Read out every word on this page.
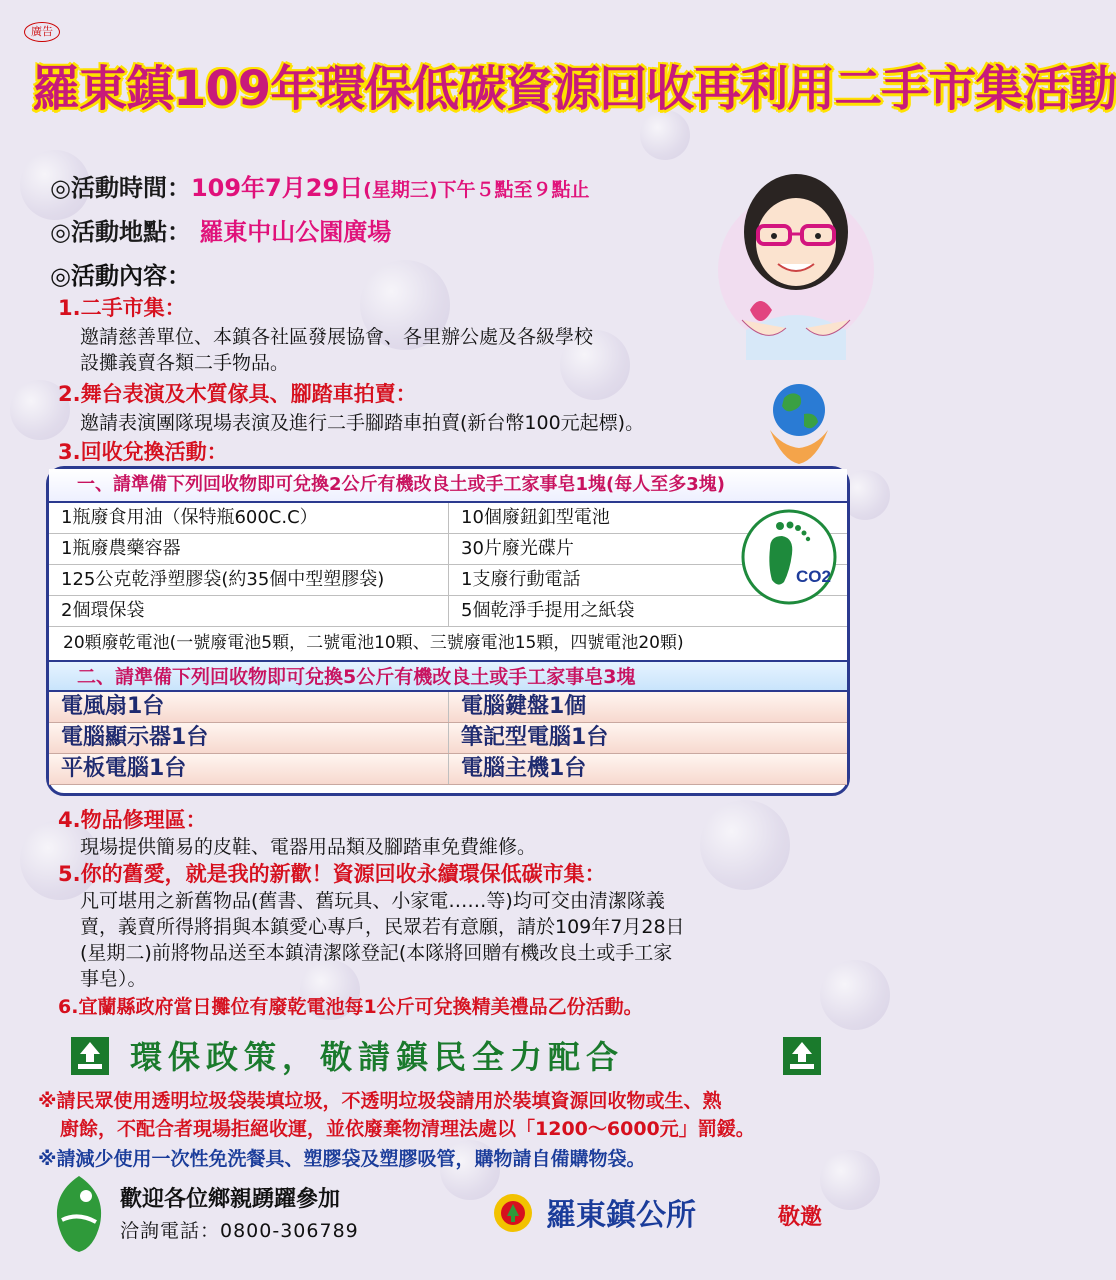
廣告
羅東鎮109年環保低碳資源回收再利用二手市集活動
◎活動時間：109年7月29日(星期三)下午５點至９點止
◎活動地點： 羅東中山公園廣場
◎活動內容：
1.二手市集：
邀請慈善單位、本鎮各社區發展協會、各里辦公處及各級學校
設攤義賣各類二手物品。
2.舞台表演及木質傢具、腳踏車拍賣：
邀請表演團隊現場表演及進行二手腳踏車拍賣(新台幣100元起標)。
3.回收兌換活動：
一、請準備下列回收物即可兌換2公斤有機改良土或手工家事皂1塊(每人至多3塊)
1瓶廢食用油（保特瓶600C.C）	10個廢鈕釦型電池
1瓶廢農藥容器	30片廢光碟片
125公克乾淨塑膠袋(約35個中型塑膠袋)	1支廢行動電話
2個環保袋	5個乾淨手提用之紙袋
20顆廢乾電池(一號廢電池5顆，二號電池10顆、三號廢電池15顆，四號電池20顆)
二、請準備下列回收物即可兌換5公斤有機改良土或手工家事皂3塊
電風扇1台	電腦鍵盤1個
電腦顯示器1台	筆記型電腦1台
平板電腦1台	電腦主機1台
CO2
4.物品修理區：
現場提供簡易的皮鞋、電器用品類及腳踏車免費維修。
5.你的舊愛，就是我的新歡！資源回收永續環保低碳市集：
凡可堪用之新舊物品(舊書、舊玩具、小家電……等)均可交由清潔隊義
賣，義賣所得將捐與本鎮愛心專戶，民眾若有意願，請於109年7月28日
(星期二)前將物品送至本鎮清潔隊登記(本隊將回贈有機改良土或手工家
事皂）。
6.宜蘭縣政府當日攤位有廢乾電池每1公斤可兌換精美禮品乙份活動。
環保政策，敬請鎮民全力配合
※請民眾使用透明垃圾袋裝填垃圾，不透明垃圾袋請用於裝填資源回收物或生、熟
廚餘，不配合者現場拒絕收運，並依廢棄物清理法處以「1200～6000元」罰鍰。
※請減少使用一次性免洗餐具、塑膠袋及塑膠吸管，購物請自備購物袋。
歡迎各位鄉親踴躍參加
洽詢電話：0800-306789	羅東鎮公所	敬邀
